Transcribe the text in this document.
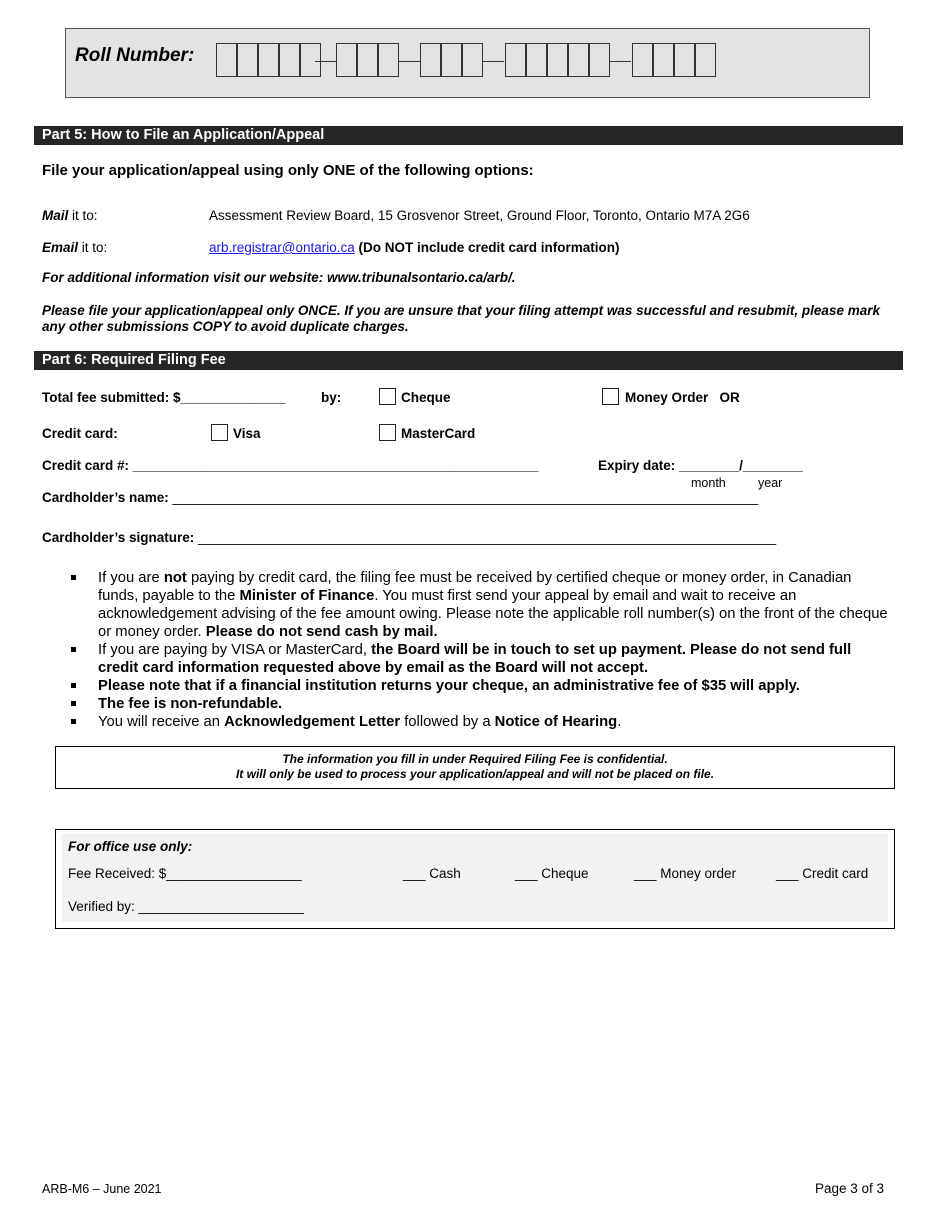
Roll Number:
Part 5: How to File an Application/Appeal
File your application/appeal using only ONE of the following options:
Mail it to:	Assessment Review Board, 15 Grosvenor Street, Ground Floor, Toronto, Ontario M7A 2G6
Email it to:	arb.registrar@ontario.ca (Do NOT include credit card information)
For additional information visit our website: www.tribunalsontario.ca/arb/.
Please file your application/appeal only ONCE. If you are unsure that your filing attempt was successful and resubmit, please mark any other submissions COPY to avoid duplicate charges.
Part 6: Required Filing Fee
Total fee submitted: $______________	by:	Cheque	Money Order   OR
Credit card:	Visa	MasterCard
Credit card #: ______________________________________________________	Expiry date: ________/________
month	year
Cardholder’s name: ______________________________________________________________________________
Cardholder’s signature: _____________________________________________________________________________
If you are not paying by credit card, the filing fee must be received by certified cheque or money order, in Canadian funds, payable to the Minister of Finance. You must first send your appeal by email and wait to receive an acknowledgement advising of the fee amount owing. Please note the applicable roll number(s) on the front of the cheque or money order. Please do not send cash by mail.
If you are paying by VISA or MasterCard, the Board will be in touch to set up payment. Please do not send full credit card information requested above by email as the Board will not accept.
Please note that if a financial institution returns your cheque, an administrative fee of $35 will apply.
The fee is non-refundable.
You will receive an Acknowledgement Letter followed by a Notice of Hearing.
The information you fill in under Required Filing Fee is confidential.
It will only be used to process your application/appeal and will not be placed on file.
For office use only:
Fee Received: $__________________	___ Cash	___ Cheque	___ Money order	___ Credit card
Verified by: ______________________
ARB-M6 – June 2021	Page 3 of 3
